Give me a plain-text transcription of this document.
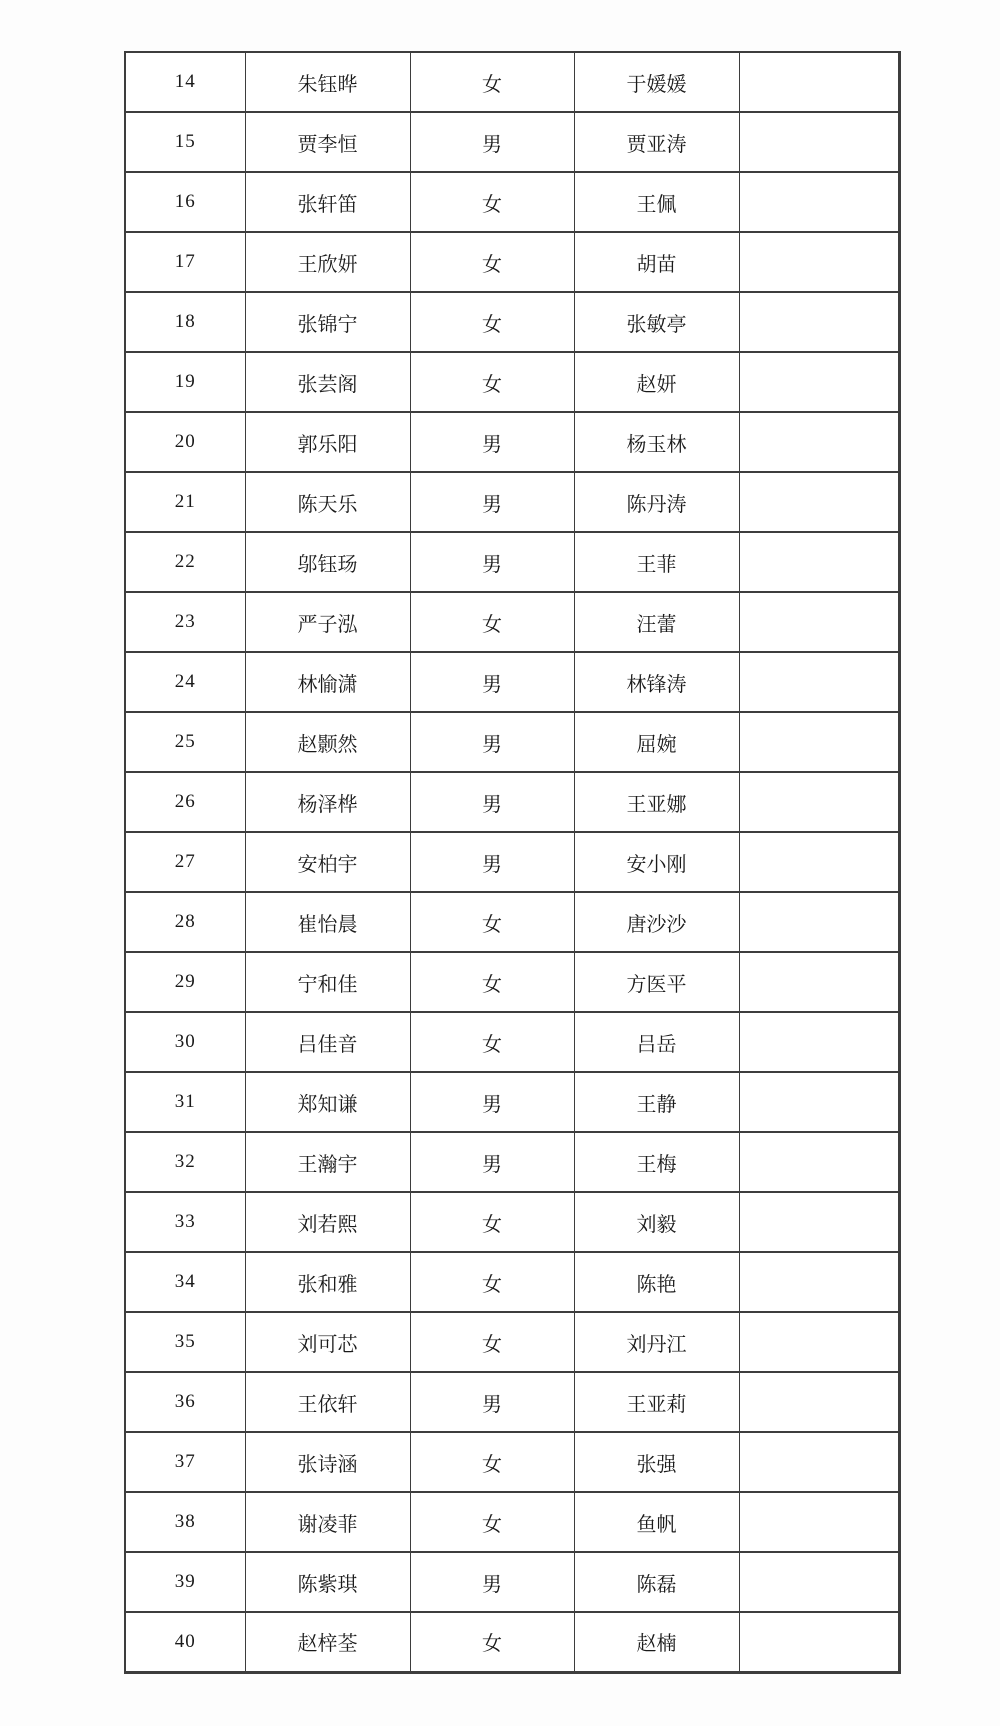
14	朱钰晔	女	于媛媛	
15	贾李恒	男	贾亚涛	
16	张轩笛	女	王佩	
17	王欣妍	女	胡苗	
18	张锦宁	女	张敏亭	
19	张芸阁	女	赵妍	
20	郭乐阳	男	杨玉林	
21	陈天乐	男	陈丹涛	
22	邬钰玚	男	王菲	
23	严子泓	女	汪蕾	
24	林愉潇	男	林锋涛	
25	赵颢然	男	屈婉	
26	杨泽桦	男	王亚娜	
27	安柏宇	男	安小刚	
28	崔怡晨	女	唐沙沙	
29	宁和佳	女	方医平	
30	吕佳音	女	吕岳	
31	郑知谦	男	王静	
32	王瀚宇	男	王梅	
33	刘若熙	女	刘毅	
34	张和雅	女	陈艳	
35	刘可芯	女	刘丹江	
36	王依轩	男	王亚莉	
37	张诗涵	女	张强	
38	谢凌菲	女	鱼帆	
39	陈紫琪	男	陈磊	
40	赵梓荃	女	赵楠	
